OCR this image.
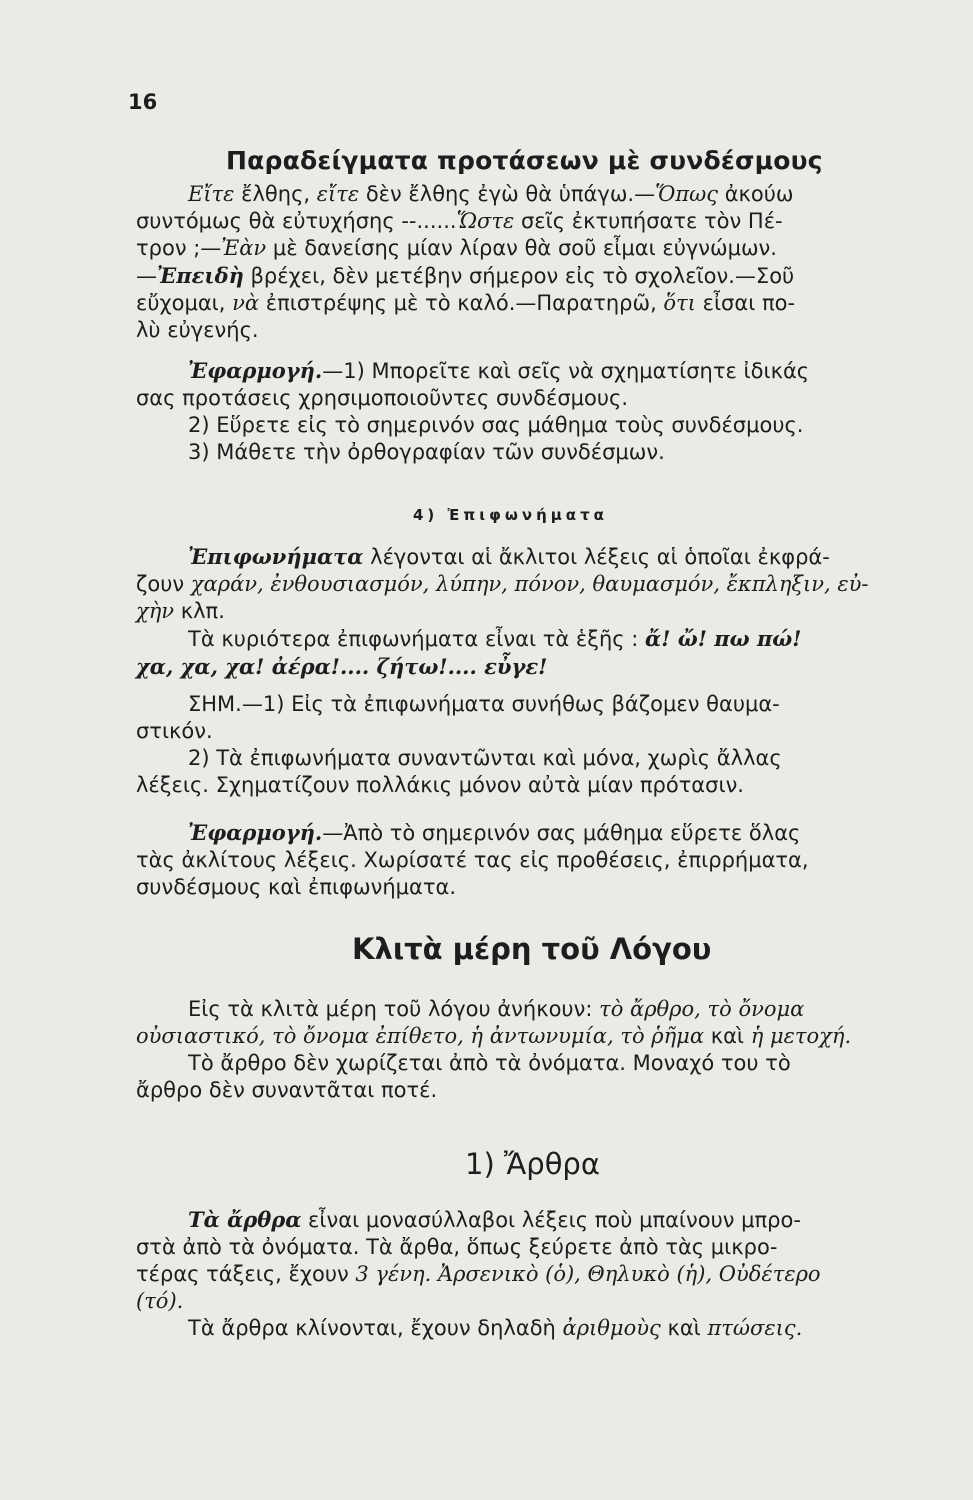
16
Παραδείγματα προτάσεων μὲ συνδέσμους
Εἴτε ἔλθης, εἴτε δὲν ἔλθης ἐγὼ θὰ ὑπάγω.—Ὅπως ἀκούω
συντόμως θὰ εὐτυχήσης --......Ὥστε σεῖς ἐκτυπήσατε τὸν Πέ-
τρον ;—Ἐὰν μὲ δανείσης μίαν λίραν θὰ σοῦ εἶμαι εὐγνώμων.
—Ἐπειδὴ βρέχει, δὲν μετέβην σήμερον εἰς τὸ σχολεῖον.—Σοῦ
εὔχομαι, νὰ ἐπιστρέψης μὲ τὸ καλό.—Παρατηρῶ, ὅτι εἶσαι πο-
λὺ εὐγενής.
Ἐφαρμογή.—1) Μπορεῖτε καὶ σεῖς νὰ σχηματίσητε ἰδικάς
σας προτάσεις χρησιμοποιοῦντες συνδέσμους.
2) Εὕρετε εἰς τὸ σημερινόν σας μάθημα τοὺς συνδέσμους.
3) Μάθετε τὴν ὀρθογραφίαν τῶν συνδέσμων.
4) Ἐπιφωνήματα
Ἐπιφωνήματα λέγονται αἱ ἄκλιτοι λέξεις αἱ ὁποῖαι ἐκφρά-
ζουν χαράν, ἐνθουσιασμόν, λύπην, πόνον, θαυμασμόν, ἔκπληξιν, εὐ-
χὴν κλπ.
Τὰ κυριότερα ἐπιφωνήματα εἶναι τὰ ἑξῆς : ἄ! ὤ! πω πώ!
χα, χα, χα! ἀέρα!.... ζήτω!.... εὖγε!
ΣΗΜ.—1) Εἰς τὰ ἐπιφωνήματα συνήθως βάζομεν θαυμα-
στικόν.
2) Τὰ ἐπιφωνήματα συναντῶνται καὶ μόνα, χωρὶς ἄλλας
λέξεις. Σχηματίζουν πολλάκις μόνον αὐτὰ μίαν πρότασιν.
Ἐφαρμογή.—Ἀπὸ τὸ σημερινόν σας μάθημα εὕρετε ὅλας
τὰς ἀκλίτους λέξεις. Χωρίσατέ τας εἰς προθέσεις, ἐπιρρήματα,
συνδέσμους καὶ ἐπιφωνήματα.
Κλιτὰ μέρη τοῦ Λόγου
Εἰς τὰ κλιτὰ μέρη τοῦ λόγου ἀνήκουν: τὸ ἄρθρο, τὸ ὄνομα
οὐσιαστικό, τὸ ὄνομα ἐπίθετο, ἡ ἀντωνυμία, τὸ ῥῆμα καὶ ἡ μετοχή.
Τὸ ἄρθρο δὲν χωρίζεται ἀπὸ τὰ ὀνόματα. Μοναχό του τὸ
ἄρθρο δὲν συναντᾶται ποτέ.
1) Ἄρθρα
Τὰ ἄρθρα εἶναι μονασύλλαβοι λέξεις ποὺ μπαίνουν μπρο-
στὰ ἀπὸ τὰ ὀνόματα. Τὰ ἄρθα, ὅπως ξεύρετε ἀπὸ τὰς μικρο-
τέρας τάξεις, ἔχουν 3 γένη. Ἀρσενικὸ (ὁ), Θηλυκὸ (ἡ), Οὐδέτερο
(τό).
Τὰ ἄρθρα κλίνονται, ἔχουν δηλαδὴ ἀριθμοὺς καὶ πτώσεις.
